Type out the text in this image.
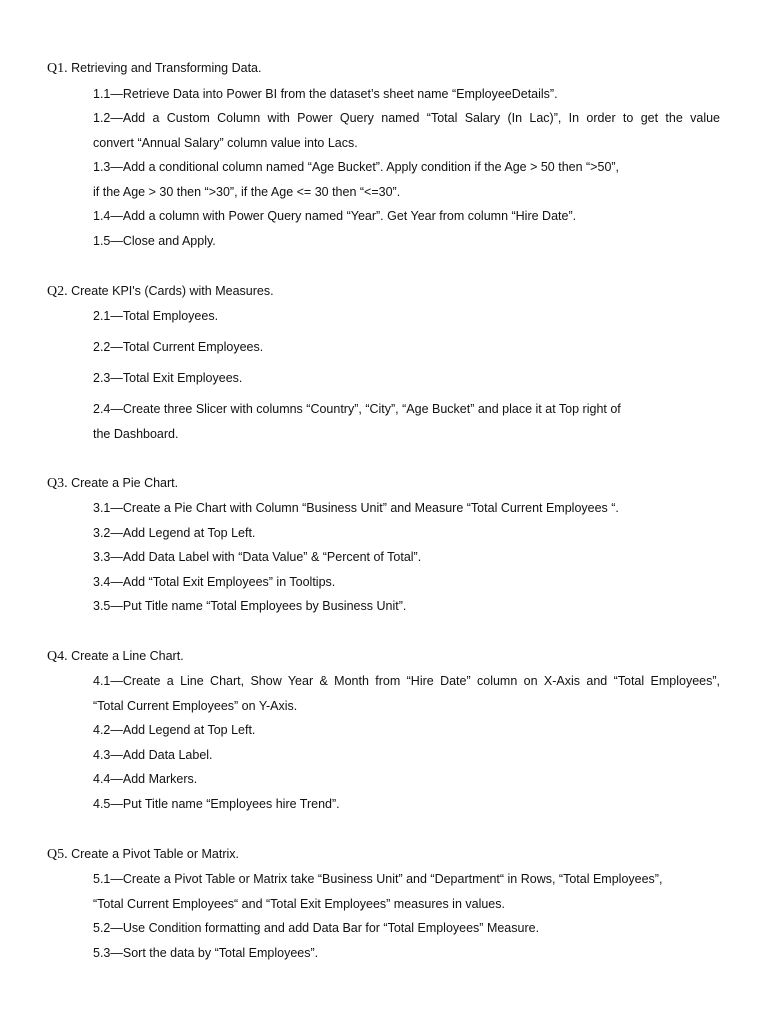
Q1. Retrieving and Transforming Data.
1.1—Retrieve Data into Power BI from the dataset’s sheet name “EmployeeDetails”.
1.2—Add a Custom Column with Power Query named “Total Salary (In Lac)”, In order to get the value
convert “Annual Salary” column value into Lacs.
1.3—Add a conditional column named “Age Bucket”. Apply condition if the Age > 50 then “>50”,
if the Age > 30 then “>30”, if the Age <= 30 then “<=30”.
1.4—Add a column with Power Query named “Year”. Get Year from column “Hire Date”.
1.5—Close and Apply.
Q2. Create KPI's (Cards) with Measures.
2.1—Total Employees.
2.2—Total Current Employees.
2.3—Total Exit Employees.
2.4—Create three Slicer with columns “Country”, “City”, “Age Bucket” and place it at Top right of
the Dashboard.
Q3. Create a Pie Chart.
3.1—Create a Pie Chart with Column “Business Unit” and Measure “Total Current Employees “.
3.2—Add Legend at Top Left.
3.3—Add Data Label with “Data Value” & “Percent of Total”.
3.4—Add “Total Exit Employees” in Tooltips.
3.5—Put Title name “Total Employees by Business Unit”.
Q4. Create a Line Chart.
4.1—Create a Line Chart, Show Year & Month from “Hire Date” column on X-Axis and “Total Employees”,
“Total Current Employees” on Y-Axis.
4.2—Add Legend at Top Left.
4.3—Add Data Label.
4.4—Add Markers.
4.5—Put Title name “Employees hire Trend”.
Q5. Create a Pivot Table or Matrix.
5.1—Create a Pivot Table or Matrix take “Business Unit” and “Department“ in Rows, “Total Employees”,
“Total Current Employees“ and “Total Exit Employees” measures in values.
5.2—Use Condition formatting and add Data Bar for “Total Employees” Measure.
5.3—Sort the data by “Total Employees”.
